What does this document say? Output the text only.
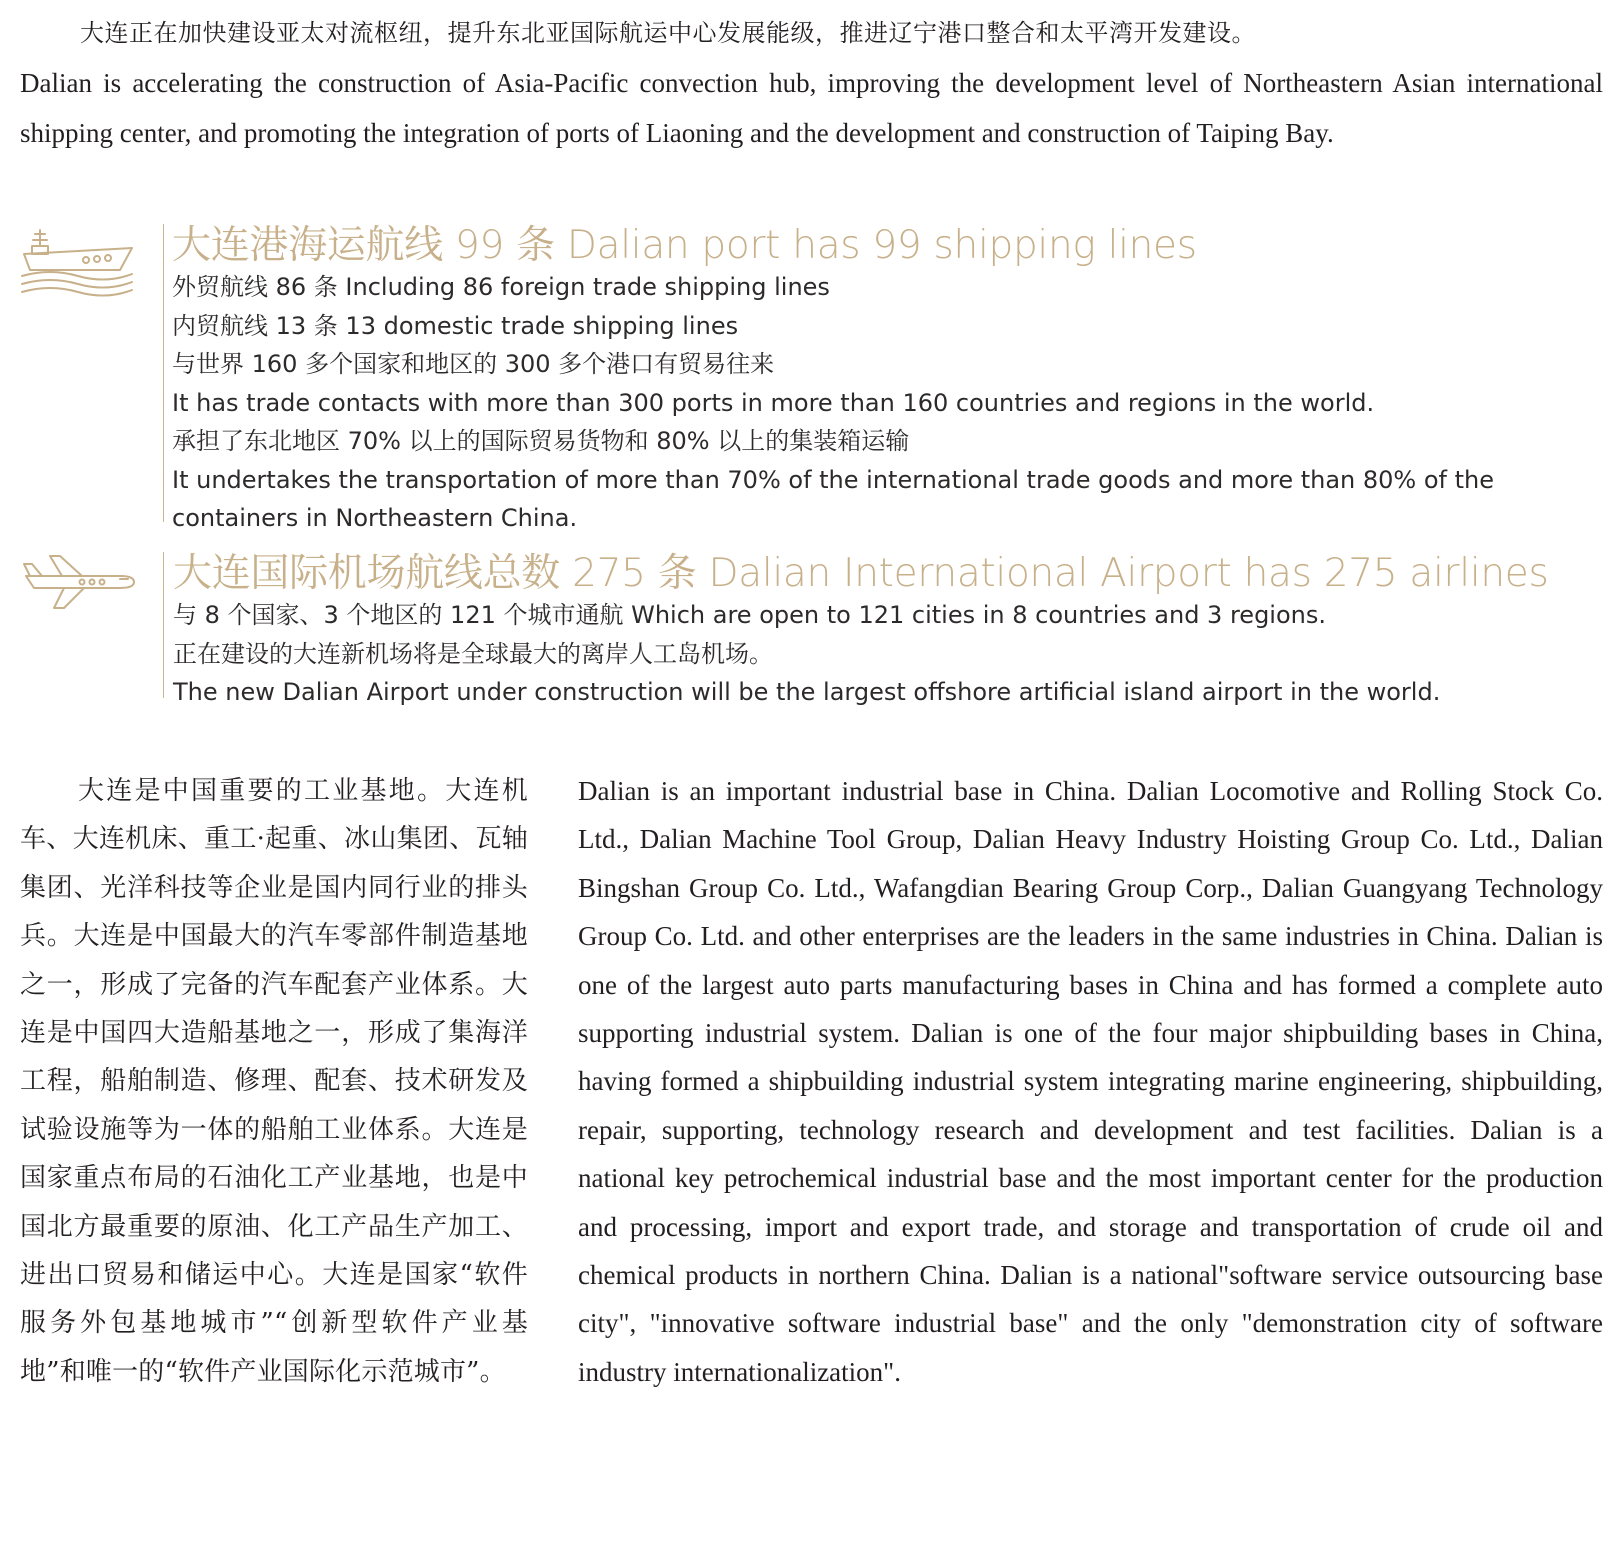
大连正在加快建设亚太对流枢纽，提升东北亚国际航运中心发展能级，推进辽宁港口整合和太平湾开发建设。
Dalian is accelerating the construction of Asia-Pacific convection hub, improving the development level of Northeastern Asian international shipping center, and promoting the integration of ports of Liaoning and the development and construction of Taiping Bay.
大连港海运航线 99 条 Dalian port has 99 shipping lines
外贸航线 86 条 Including 86 foreign trade shipping lines
内贸航线 13 条 13 domestic trade shipping lines
与世界 160 多个国家和地区的 300 多个港口有贸易往来
It has trade contacts with more than 300 ports in more than 160 countries and regions in the world.
承担了东北地区 70% 以上的国际贸易货物和 80% 以上的集装箱运输
It undertakes the transportation of more than 70% of the international trade goods and more than 80% of the containers in Northeastern China.
大连国际机场航线总数 275 条 Dalian International Airport has 275 airlines
与 8 个国家、3 个地区的 121 个城市通航 Which are open to 121 cities in 8 countries and 3 regions.
正在建设的大连新机场将是全球最大的离岸人工岛机场。
The new Dalian Airport under construction will be the largest offshore artificial island airport in the world.
大连是中国重要的工业基地。大连机车、大连机床、重工·起重、冰山集团、瓦轴集团、光洋科技等企业是国内同行业的排头兵。大连是中国最大的汽车零部件制造基地之一，形成了完备的汽车配套产业体系。大连是中国四大造船基地之一，形成了集海洋工程，船舶制造、修理、配套、技术研发及试验设施等为一体的船舶工业体系。大连是国家重点布局的石油化工产业基地，也是中国北方最重要的原油、化工产品生产加工、进出口贸易和储运中心。大连是国家“软件服务外包基地城市”“创新型软件产业基地”和唯一的“软件产业国际化示范城市”。
Dalian is an important industrial base in China. Dalian Locomotive and Rolling Stock Co. Ltd., Dalian Machine Tool Group, Dalian Heavy Industry Hoisting Group Co. Ltd., Dalian Bingshan Group Co. Ltd., Wafangdian Bearing Group Corp., Dalian Guangyang Technology Group Co. Ltd. and other enterprises are the leaders in the same industries in China. Dalian is one of the largest auto parts manufacturing bases in China and has formed a complete auto supporting industrial system. Dalian is one of the four major shipbuilding bases in China, having formed a shipbuilding industrial system integrating marine engineering, shipbuilding, repair, supporting, technology research and development and test facilities. Dalian is a national key petrochemical industrial base and the most important center for the production and processing, import and export trade, and storage and transportation of crude oil and chemical products in northern China. Dalian is a national"software service outsourcing base city", "innovative software industrial base" and the only "demonstration city of software industry internationalization".
